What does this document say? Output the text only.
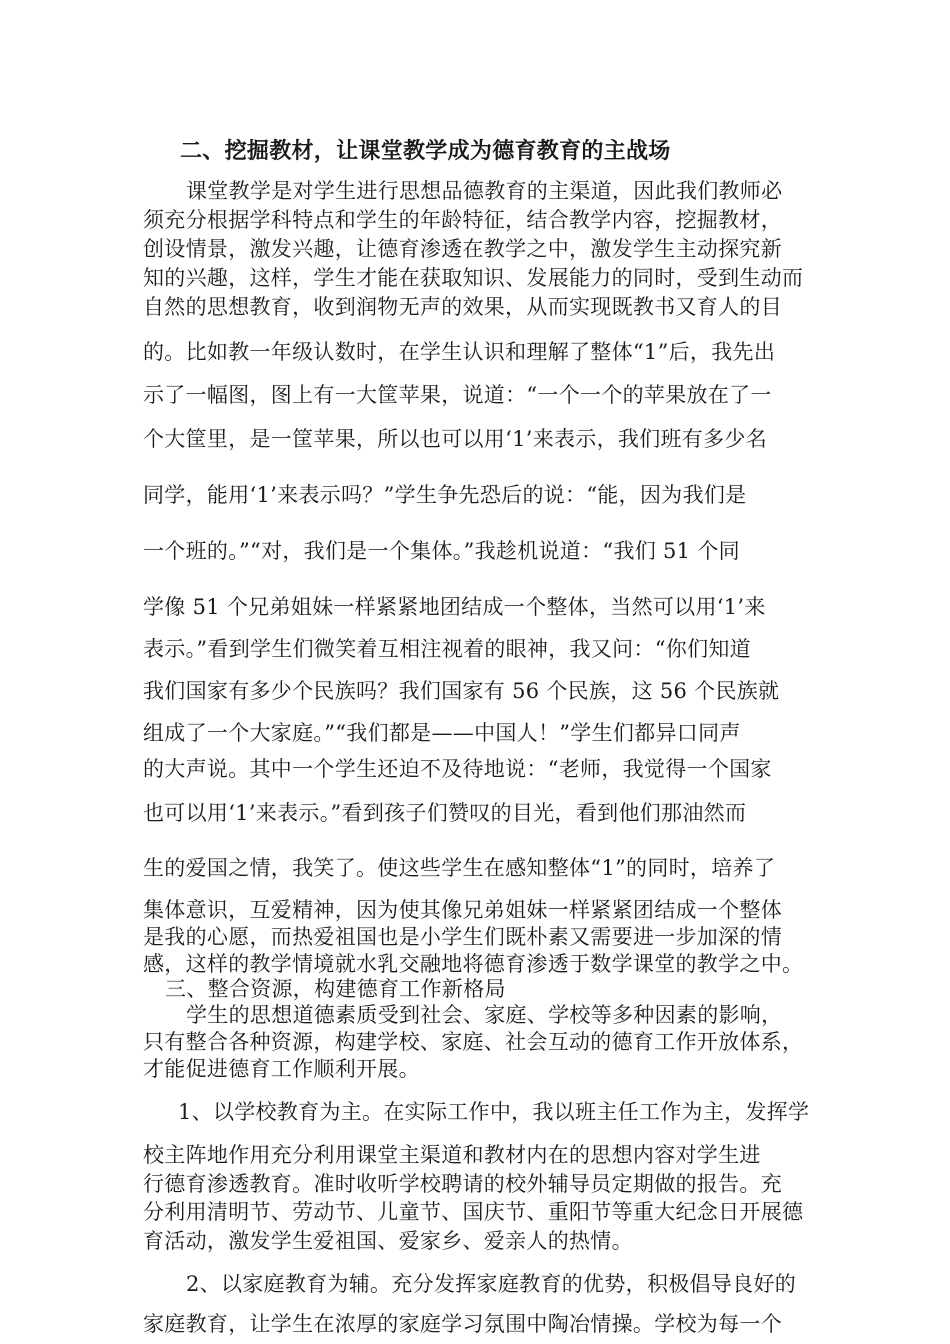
二、挖掘教材，让课堂教学成为德育教育的主战场
课堂教学是对学生进行思想品德教育的主渠道，因此我们教师必
须充分根据学科特点和学生的年龄特征，结合教学内容，挖掘教材，
创设情景，激发兴趣，让德育渗透在教学之中，激发学生主动探究新
知的兴趣，这样，学生才能在获取知识、发展能力的同时，受到生动而
自然的思想教育，收到润物无声的效果，从而实现既教书又育人的目
的。比如教一年级认数时，在学生认识和理解了整体“1”后，我先出
示了一幅图，图上有一大筐苹果，说道：“一个一个的苹果放在了一
个大筐里，是一筐苹果，所以也可以用‘1’来表示，我们班有多少名
同学，能用‘1’来表示吗？”学生争先恐后的说：“能，因为我们是
一个班的。”“对，我们是一个集体。”我趁机说道：“我们 51 个同
学像 51 个兄弟姐妹一样紧紧地团结成一个整体，当然可以用‘1’来
表示。”看到学生们微笑着互相注视着的眼神，我又问：“你们知道
我们国家有多少个民族吗？我们国家有 56 个民族，这 56 个民族就
组成了一个大家庭。”“我们都是——中国人！”学生们都异口同声
的大声说。其中一个学生还迫不及待地说：“老师，我觉得一个国家
也可以用‘1’来表示。”看到孩子们赞叹的目光，看到他们那油然而
生的爱国之情，我笑了。使这些学生在感知整体“1”的同时，培养了
集体意识，互爱精神，因为使其像兄弟姐妹一样紧紧团结成一个整体
是我的心愿，而热爱祖国也是小学生们既朴素又需要进一步加深的情
感，这样的教学情境就水乳交融地将德育渗透于数学课堂的教学之中。
三、整合资源，构建德育工作新格局
学生的思想道德素质受到社会、家庭、学校等多种因素的影响，
只有整合各种资源，构建学校、家庭、社会互动的德育工作开放体系，
才能促进德育工作顺利开展。
1、以学校教育为主。在实际工作中，我以班主任工作为主，发挥学
校主阵地作用充分利用课堂主渠道和教材内在的思想内容对学生进
行德育渗透教育。准时收听学校聘请的校外辅导员定期做的报告。充
分利用清明节、劳动节、儿童节、国庆节、重阳节等重大纪念日开展德
育活动，激发学生爱祖国、爱家乡、爱亲人的热情。
2、以家庭教育为辅。充分发挥家庭教育的优势，积极倡导良好的
家庭教育，让学生在浓厚的家庭学习氛围中陶冶情操。学校为每一个
